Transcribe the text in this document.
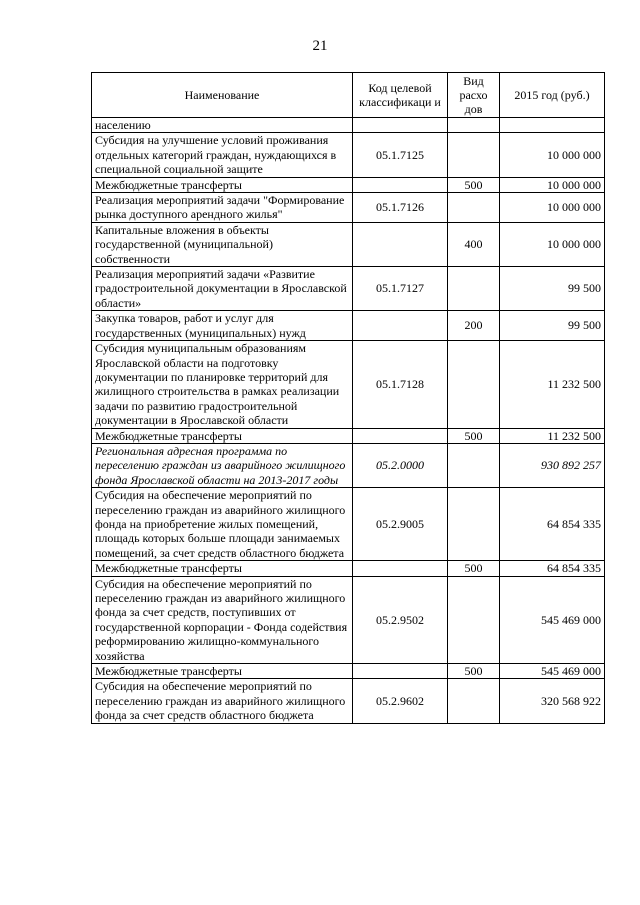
21
Наименование	Код целевой классификаци и	Вид расхо дов	2015 год (руб.)
населению			
Субсидия на улучшение условий проживания отдельных категорий граждан, нуждающихся в специальной социальной защите	05.1.7125		10 000 000
Межбюджетные трансферты		500	10 000 000
Реализация мероприятий задачи "Формирование рынка доступного арендного жилья"	05.1.7126		10 000 000
Капитальные вложения в объекты государственной (муниципальной) собственности		400	10 000 000
Реализация мероприятий задачи «Развитие градостроительной документации в Ярославской области»	05.1.7127		99 500
Закупка товаров, работ и услуг для государственных (муниципальных) нужд		200	99 500
Субсидия муниципальным образованиям Ярославской области на подготовку документации по планировке территорий для жилищного строительства в рамках реализации задачи по развитию градостроительной документации в Ярославской области	05.1.7128		11 232 500
Межбюджетные трансферты		500	11 232 500
Региональная адресная программа по переселению граждан из аварийного жилищного фонда Ярославской области на 2013-2017 годы	05.2.0000		930 892 257
Субсидия на обеспечение мероприятий по переселению граждан из аварийного жилищного фонда на приобретение жилых помещений, площадь которых больше площади занимаемых помещений, за счет средств областного бюджета	05.2.9005		64 854 335
Межбюджетные трансферты		500	64 854 335
Субсидия на обеспечение мероприятий по переселению граждан из аварийного жилищного фонда за счет средств, поступивших от государственной корпорации - Фонда содействия реформированию жилищно-коммунального хозяйства	05.2.9502		545 469 000
Межбюджетные трансферты		500	545 469 000
Субсидия на обеспечение мероприятий по переселению граждан из аварийного жилищного фонда за счет средств областного бюджета	05.2.9602		320 568 922
